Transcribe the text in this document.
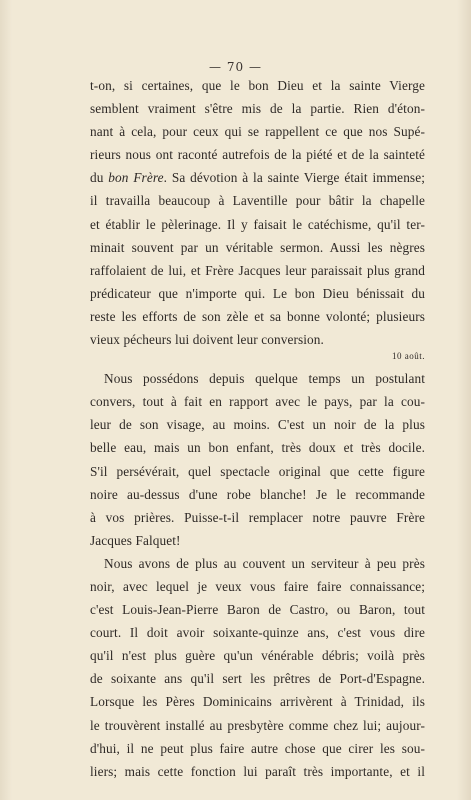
— 70 —
t-on, si certaines, que le bon Dieu et la sainte Vierge
semblent vraiment s'être mis de la partie. Rien d'éton-
nant à cela, pour ceux qui se rappellent ce que nos Supé-
rieurs nous ont raconté autrefois de la piété et de la sainteté
du bon Frère. Sa dévotion à la sainte Vierge était immense;
il travailla beaucoup à Laventille pour bâtir la chapelle
et établir le pèlerinage. Il y faisait le catéchisme, qu'il ter-
minait souvent par un véritable sermon. Aussi les nègres
raffolaient de lui, et Frère Jacques leur paraissait plus grand
prédicateur que n'importe qui. Le bon Dieu bénissait du
reste les efforts de son zèle et sa bonne volonté; plusieurs
vieux pécheurs lui doivent leur conversion.
10 août.
Nous possédons depuis quelque temps un postulant
convers, tout à fait en rapport avec le pays, par la cou-
leur de son visage, au moins. C'est un noir de la plus
belle eau, mais un bon enfant, très doux et très docile.
S'il persévérait, quel spectacle original que cette figure
noire au-dessus d'une robe blanche! Je le recommande
à vos prières. Puisse-t-il remplacer notre pauvre Frère
Jacques Falquet!
Nous avons de plus au couvent un serviteur à peu près
noir, avec lequel je veux vous faire faire connaissance;
c'est Louis-Jean-Pierre Baron de Castro, ou Baron, tout
court. Il doit avoir soixante-quinze ans, c'est vous dire
qu'il n'est plus guère qu'un vénérable débris; voilà près
de soixante ans qu'il sert les prêtres de Port-d'Espagne.
Lorsque les Pères Dominicains arrivèrent à Trinidad, ils
le trouvèrent installé au presbytère comme chez lui; aujour-
d'hui, il ne peut plus faire autre chose que cirer les sou-
liers; mais cette fonction lui paraît très importante, et il
